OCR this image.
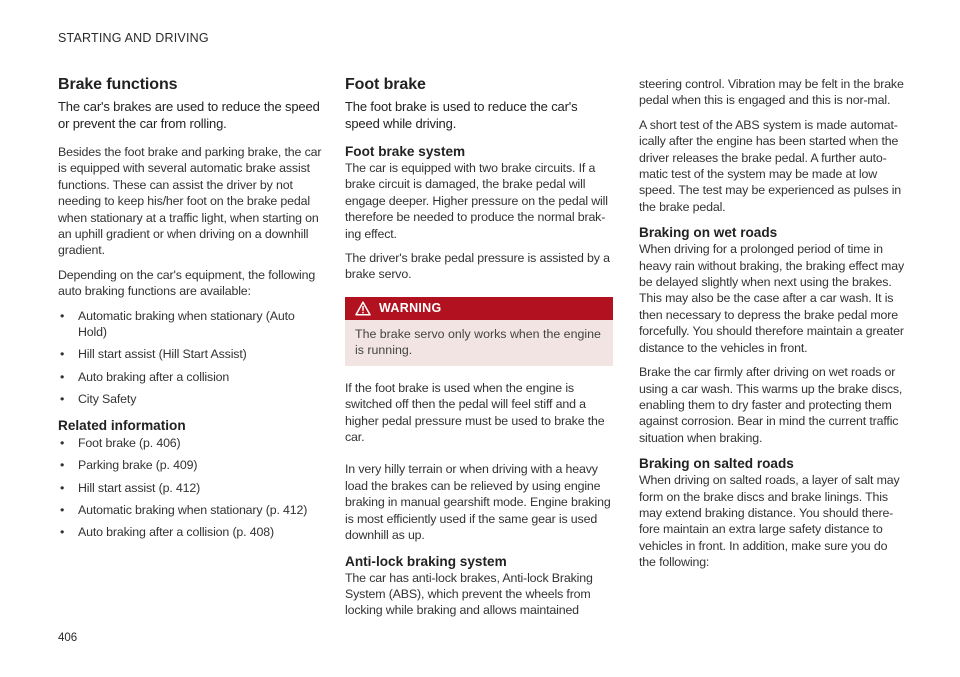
STARTING AND DRIVING
Brake functions

The car's brakes are used to reduce the speed or prevent the car from rolling.

Besides the foot brake and parking brake, the car is equipped with several automatic brake assist functions. These can assist the driver by not needing to keep his/her foot on the brake pedal when stationary at a traffic light, when starting on an uphill gradient or when driving on a downhill gradient.

Depending on the car's equipment, the following auto braking functions are available:

• Automatic braking when stationary (Auto Hold)
• Hill start assist (Hill Start Assist)
• Auto braking after a collision
• City Safety
Related information
• Foot brake (p. 406)
• Parking brake (p. 409)
• Hill start assist (p. 412)
• Automatic braking when stationary (p. 412)
• Auto braking after a collision (p. 408)
Foot brake

The foot brake is used to reduce the car's speed while driving.

Foot brake system

The car is equipped with two brake circuits. If a brake circuit is damaged, the brake pedal will engage deeper. Higher pressure on the pedal will therefore be needed to produce the normal brak-ing effect.

The driver's brake pedal pressure is assisted by a brake servo.

WARNING
The brake servo only works when the engine is running.

If the foot brake is used when the engine is switched off then the pedal will feel stiff and a higher pedal pressure must be used to brake the car.

In very hilly terrain or when driving with a heavy load the brakes can be relieved by using engine braking in manual gearshift mode. Engine braking is most efficiently used if the same gear is used downhill as up.

Anti-lock braking system

The car has anti-lock brakes, Anti-lock Braking System (ABS), which prevent the wheels from locking while braking and allows maintained

steering control. Vibration may be felt in the brake pedal when this is engaged and this is nor-mal.

A short test of the ABS system is made automat-ically after the engine has been started when the driver releases the brake pedal. A further auto-matic test of the system may be made at low speed. The test may be experienced as pulses in the brake pedal.

Braking on wet roads

When driving for a prolonged period of time in heavy rain without braking, the braking effect may be delayed slightly when next using the brakes. This may also be the case after a car wash. It is then necessary to depress the brake pedal more forcefully. You should therefore maintain a greater distance to the vehicles in front.

Brake the car firmly after driving on wet roads or using a car wash. This warms up the brake discs, enabling them to dry faster and protecting them against corrosion. Bear in mind the current traffic situation when braking.

Braking on salted roads

When driving on salted roads, a layer of salt may form on the brake discs and brake linings. This may extend braking distance. You should there-fore maintain an extra large safety distance to vehicles in front. In addition, make sure you do the following:

406
